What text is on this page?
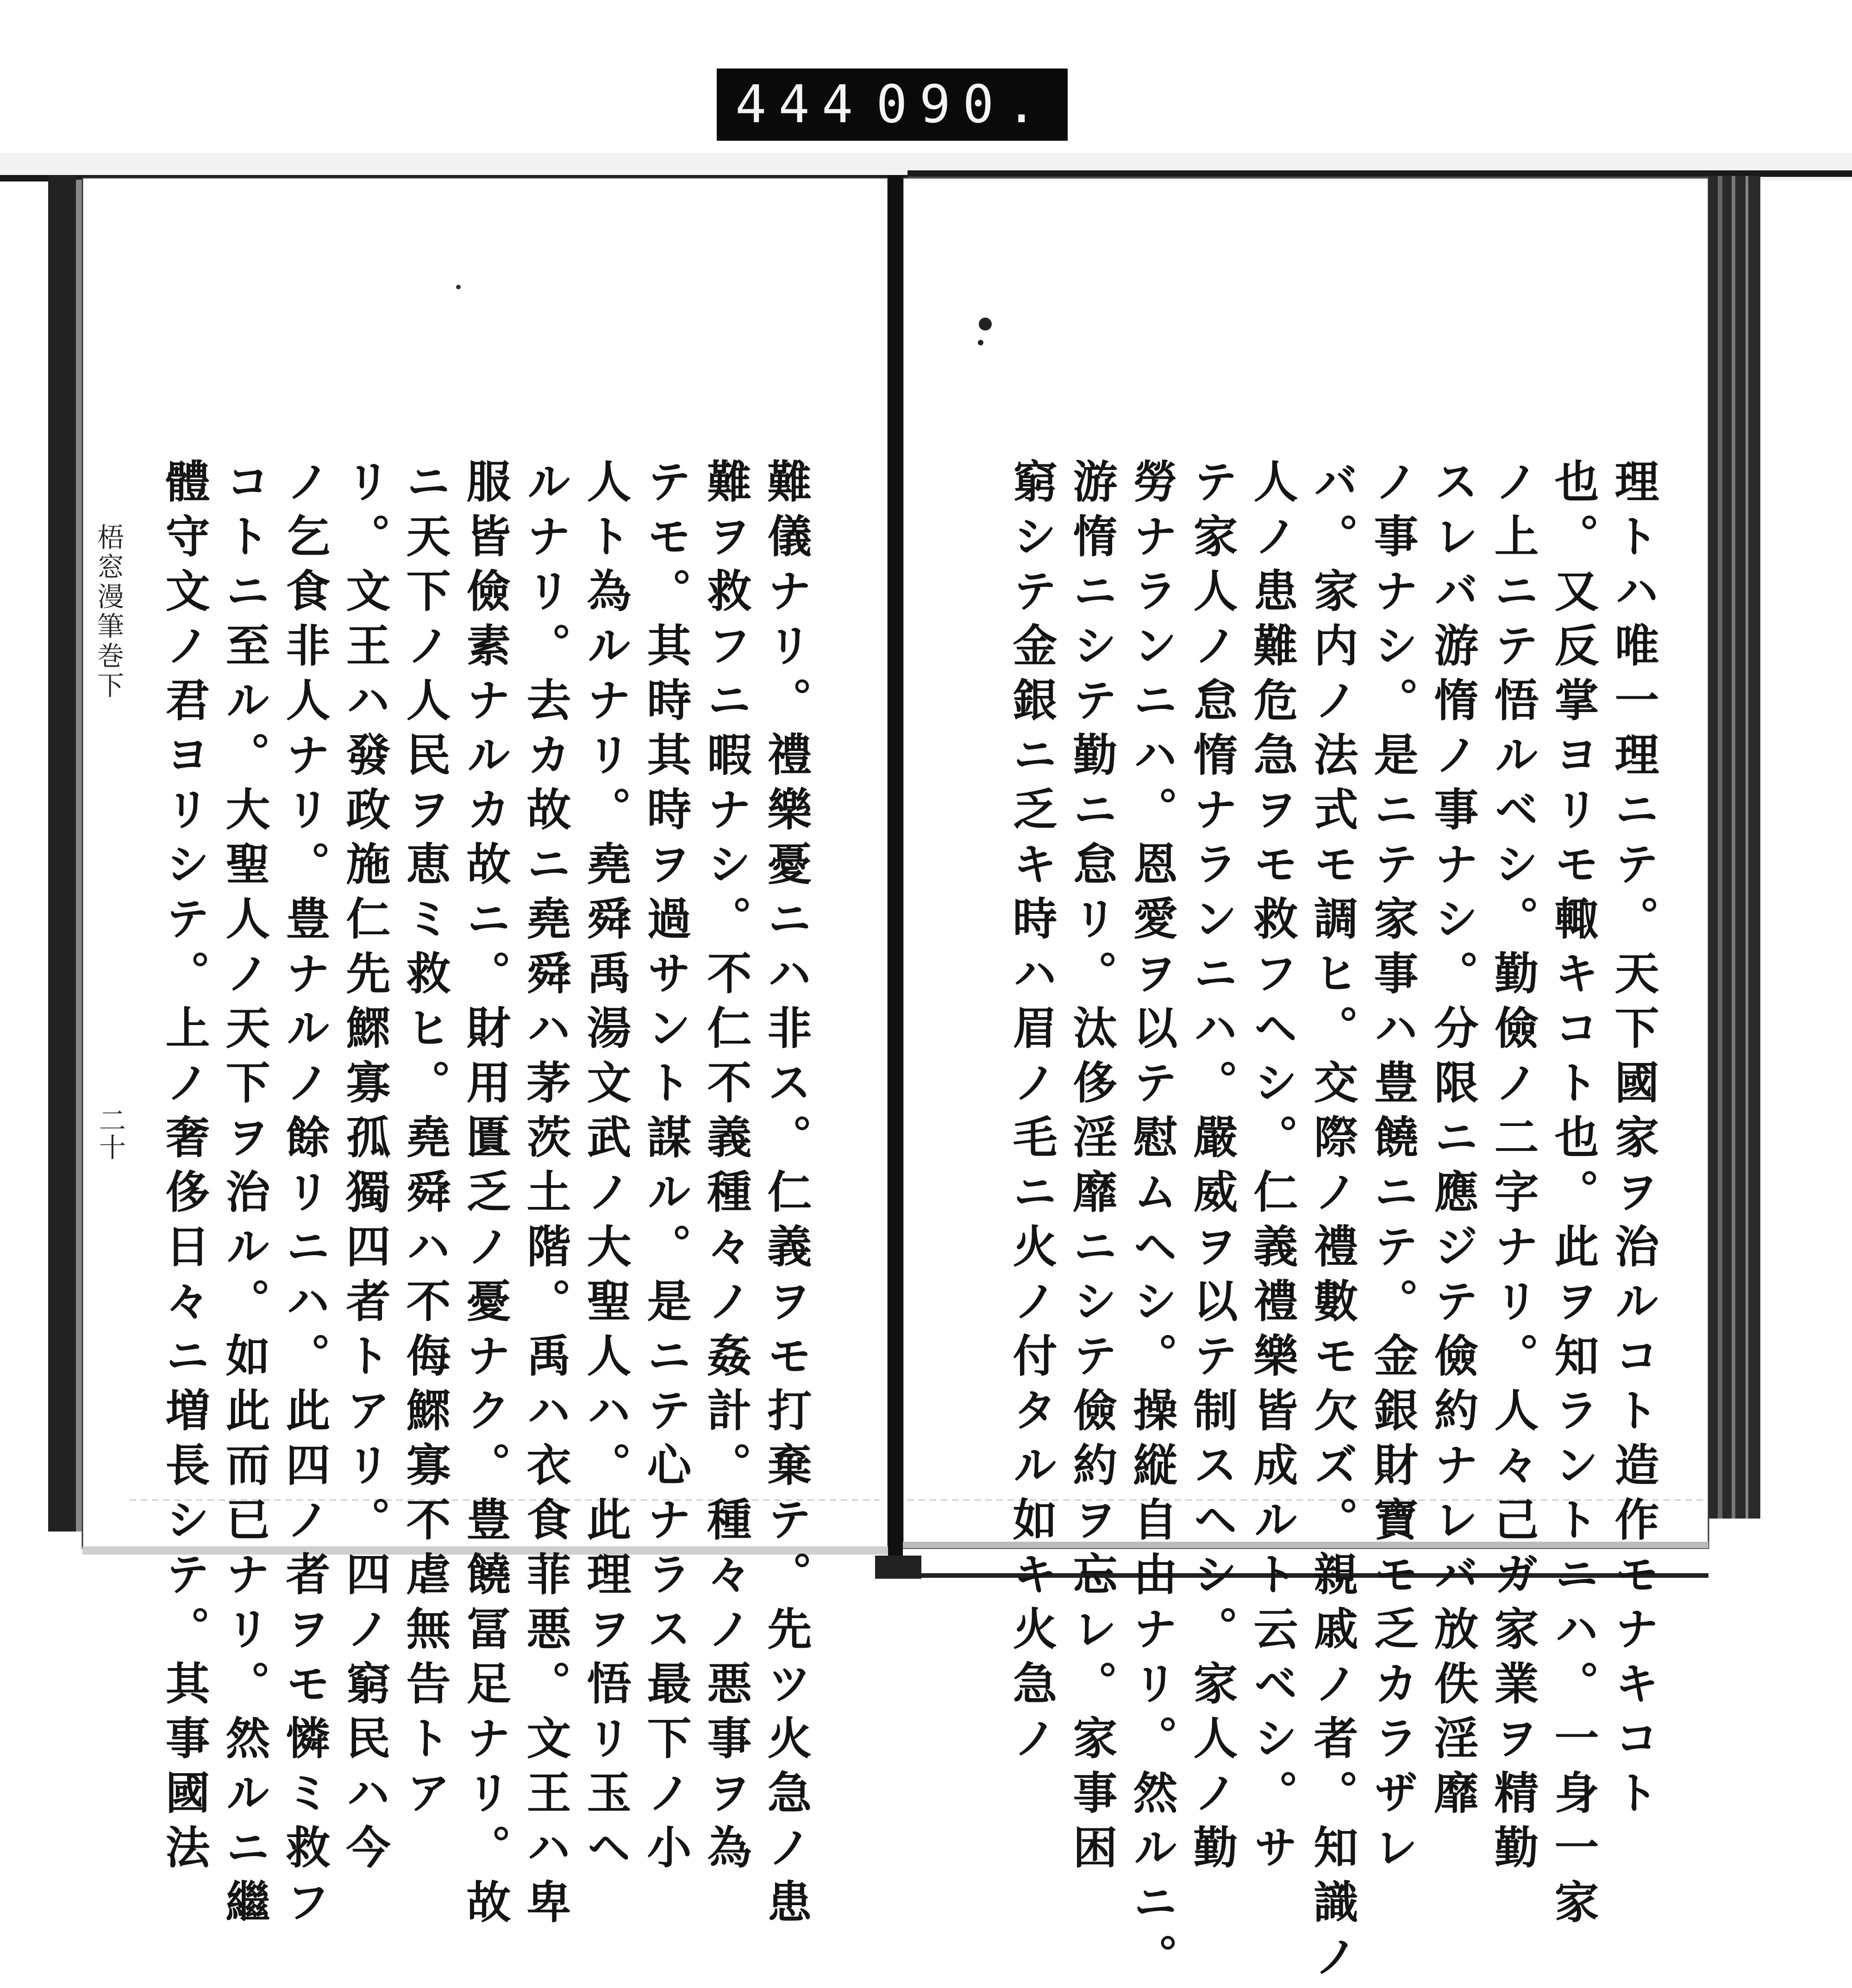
444 090.
難儀ナリ。禮樂憂ニハ非ス。仁義ヲモ打棄テ。先ツ火急ノ患
難ヲ救フニ暇ナシ。不仁不義種々ノ姦計。種々ノ悪事ヲ為
テモ。其時其時ヲ過サント謀ル。是ニテ心ナラス最下ノ小
人ト為ルナリ。堯舜禹湯文武ノ大聖人ハ。此理ヲ悟リ玉ヘ
ルナリ。去カ故ニ堯舜ハ茅茨土階。禹ハ衣食菲悪。文王ハ卑
服皆儉素ナルカ故ニ。財用匱乏ノ憂ナク。豊饒冨足ナリ。故
ニ天下ノ人民ヲ恵ミ救ヒ。堯舜ハ不侮鰥寡不虐無告トア
リ。文王ハ發政施仁先鰥寡孤獨四者トアリ。四ノ窮民ハ今
ノ乞食非人ナリ。豊ナルノ餘リニハ。此四ノ者ヲモ憐ミ救フ
コトニ至ル。大聖人ノ天下ヲ治ル。如此而已ナリ。然ルニ繼
體守文ノ君ヨリシテ。上ノ奢侈日々ニ増長シテ。其事國法
梧窓漫筆巻下
二十	理トハ唯一理ニテ。天下國家ヲ治ルコト造作モナキコト
也。又反掌ヨリモ輙キコト也。此ヲ知ラントニハ。一身一家
ノ上ニテ悟ルベシ。勤儉ノ二字ナリ。人々己ガ家業ヲ精勤
スレバ游惰ノ事ナシ。分限ニ應ジテ儉約ナレバ放佚淫靡
ノ事ナシ。是ニテ家事ハ豊饒ニテ。金銀財寶モ乏カラザレ
バ。家内ノ法式モ調ヒ。交際ノ禮數モ欠ズ。親戚ノ者。知識ノ
人ノ患難危急ヲモ救フヘシ。仁義禮樂皆成ルト云ベシ。サ
テ家人ノ怠惰ナランニハ。嚴威ヲ以テ制スヘシ。家人ノ勤
勞ナランニハ。恩愛ヲ以テ慰ムヘシ。操縦自由ナリ。然ルニ。
游惰ニシテ勤ニ怠リ。汰侈淫靡ニシテ儉約ヲ忘レ。家事困
窮シテ金銀ニ乏キ時ハ眉ノ毛ニ火ノ付タル如キ火急ノ
